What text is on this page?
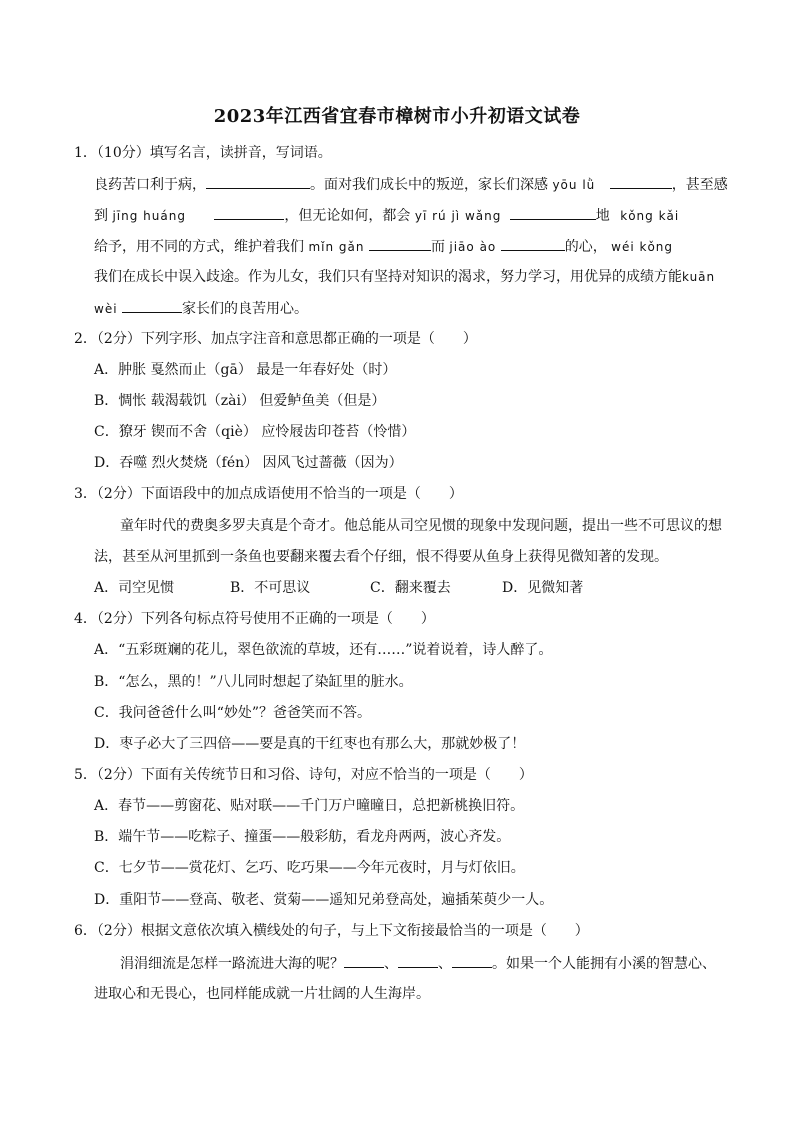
2023年江西省宜春市樟树市小升初语文试卷
1．（10分）填写名言，读拼音，写词语。
良药苦口利于病，	。面对我们成长中的叛逆，家长们深感 yōu lǜ	，甚至感
到 jīng huáng	，但无论如何，都会 yī rú jì wǎng	地 kǒng kǎi
给予，用不同的方式，维护着我们 mǐn gǎn	而 jiāo ào	的心， wéi kǒng
我们在成长中误入歧途。作为儿女，我们只有坚持对知识的渴求，努力学习，用优异的成绩方能kuān
wèi	家长们的良苦用心。
2．（2分）下列字形、加点字注音和意思都正确的一项是（　　）
A．肿胀 戛然而止（gā） 最是一年春好处（时）
B．惆怅 载渴载饥（zài） 但爱鲈鱼美（但是）
C．獠牙 锲而不舍（qiè） 应怜屐齿印苍苔（怜惜）
D．吞噬 烈火焚烧（fén） 因风飞过蔷薇（因为）
3．（2分）下面语段中的加点成语使用不恰当的一项是（　　）
童年时代的费奥多罗夫真是个奇才。他总能从司空见惯的现象中发现问题，提出一些不可思议的想
法，甚至从河里抓到一条鱼也要翻来覆去看个仔细，恨不得要从鱼身上获得见微知著的发现。
A．司空见惯	B．不可思议	C．翻来覆去	D．见微知著
4．（2分）下列各句标点符号使用不正确的一项是（　　）
A．“五彩斑斓的花儿，翠色欲流的草坡，还有……”说着说着，诗人醉了。
B．“怎么，黑的！”八儿同时想起了染缸里的脏水。
C．我问爸爸什么叫“妙处”？爸爸笑而不答。
D．枣子必大了三四倍——要是真的干红枣也有那么大，那就妙极了！
5．（2分）下面有关传统节日和习俗、诗句，对应不恰当的一项是（　　）
A．春节——剪窗花、贴对联——千门万户曈曈日，总把新桃换旧符。
B．端午节——吃粽子、撞蛋——般彩舫，看龙舟两两，波心齐发。
C．七夕节——赏花灯、乞巧、吃巧果——今年元夜时，月与灯依旧。
D．重阳节——登高、敬老、赏菊——遥知兄弟登高处，遍插茱萸少一人。
6．（2分）根据文意依次填入横线处的句子，与上下文衔接最恰当的一项是（　　）
涓涓细流是怎样一路流进大海的呢？	、	、	。如果一个人能拥有小溪的智慧心、
进取心和无畏心，也同样能成就一片壮阔的人生海岸。
